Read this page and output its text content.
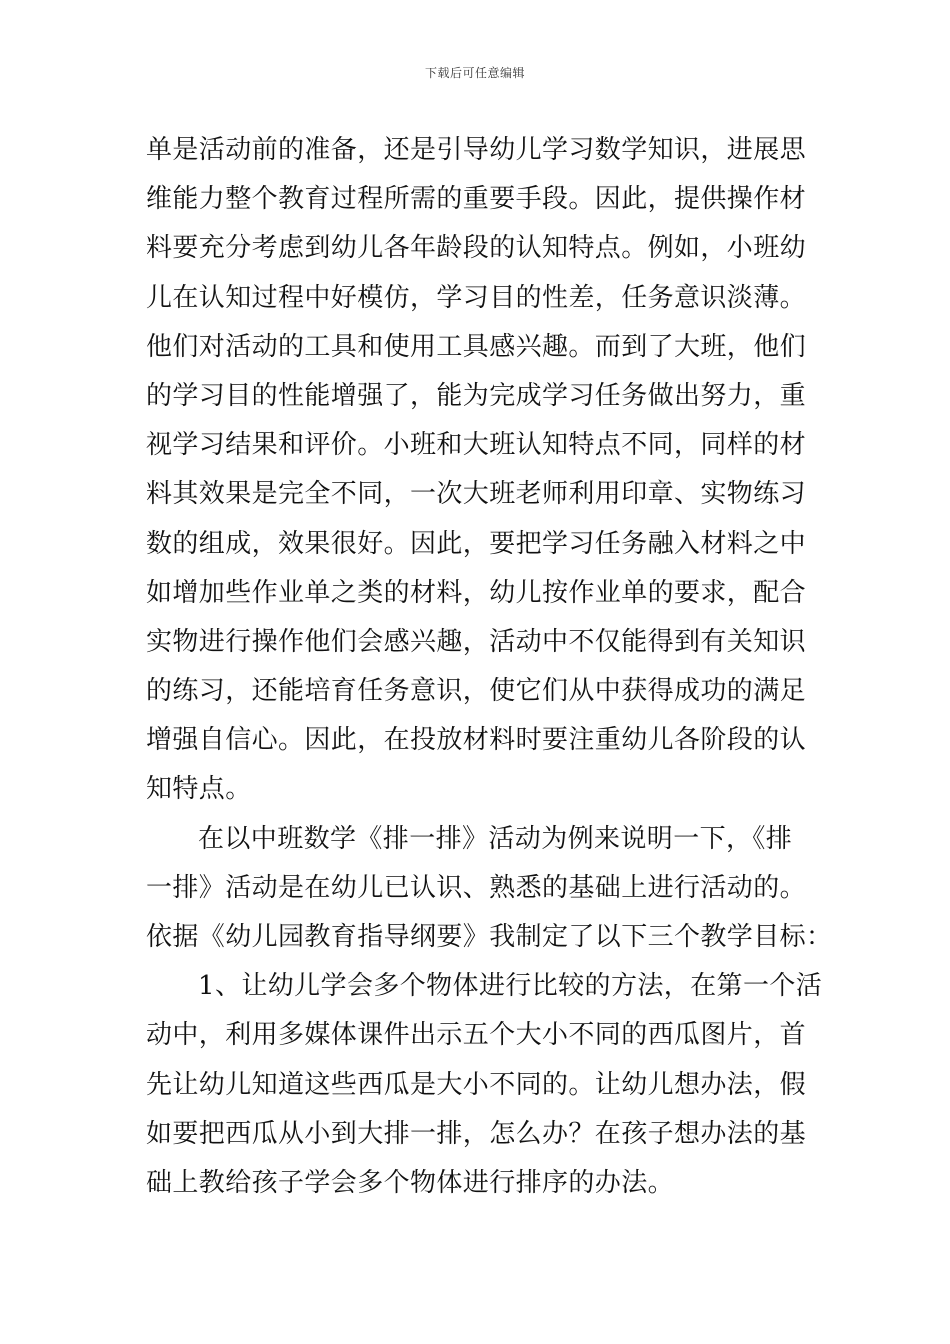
下载后可任意编辑
单是活动前的准备，还是引导幼儿学习数学知识，进展思
维能力整个教育过程所需的重要手段。因此，提供操作材
料要充分考虑到幼儿各年龄段的认知特点。例如，小班幼
儿在认知过程中好模仿，学习目的性差，任务意识淡薄。
他们对活动的工具和使用工具感兴趣。而到了大班，他们
的学习目的性能增强了，能为完成学习任务做出努力，重
视学习结果和评价。小班和大班认知特点不同，同样的材
料其效果是完全不同，一次大班老师利用印章、实物练习
数的组成，效果很好。因此，要把学习任务融入材料之中
如增加些作业单之类的材料，幼儿按作业单的要求，配合
实物进行操作他们会感兴趣，活动中不仅能得到有关知识
的练习，还能培育任务意识，使它们从中获得成功的满足
增强自信心。因此，在投放材料时要注重幼儿各阶段的认
知特点。
在以中班数学《排一排》活动为例来说明一下，《排
一排》活动是在幼儿已认识、熟悉的基础上进行活动的。
依据《幼儿园教育指导纲要》我制定了以下三个教学目标：
1、让幼儿学会多个物体进行比较的方法，在第一个活
动中，利用多媒体课件出示五个大小不同的西瓜图片，首
先让幼儿知道这些西瓜是大小不同的。让幼儿想办法，假
如要把西瓜从小到大排一排，怎么办？在孩子想办法的基
础上教给孩子学会多个物体进行排序的办法。
